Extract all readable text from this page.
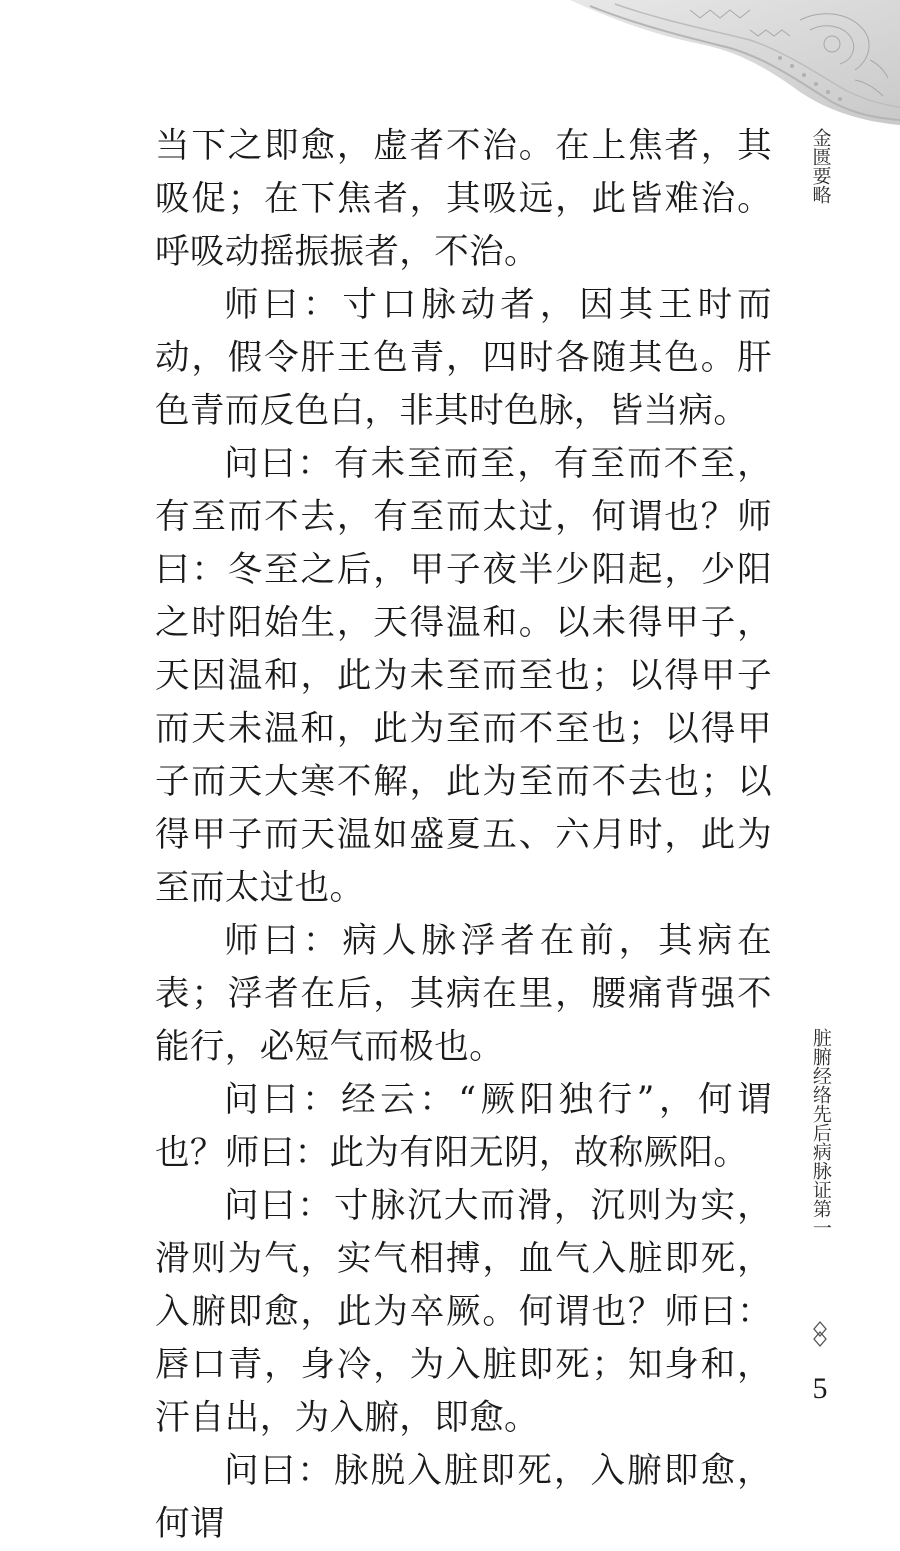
金匮要略
脏腑经络先后病脉证第一
5

当下之即愈，虚者不治。在上焦者，其吸促；在下焦者，其吸远，此皆难治。呼吸动摇振振者，不治。

师曰：寸口脉动者，因其王时而动，假令肝王色青，四时各随其色。肝色青而反色白，非其时色脉，皆当病。

问曰：有未至而至，有至而不至，有至而不去，有至而太过，何谓也？师曰：冬至之后，甲子夜半少阳起，少阳之时阳始生，天得温和。以未得甲子，天因温和，此为未至而至也；以得甲子而天未温和，此为至而不至也；以得甲子而天大寒不解，此为至而不去也；以得甲子而天温如盛夏五、六月时，此为至而太过也。

师曰：病人脉浮者在前，其病在表；浮者在后，其病在里，腰痛背强不能行，必短气而极也。

问曰：经云：“厥阳独行”，何谓也？师曰：此为有阳无阴，故称厥阳。

问曰：寸脉沉大而滑，沉则为实，滑则为气，实气相搏，血气入脏即死，入腑即愈，此为卒厥。何谓也？师曰：唇口青，身冷，为入脏即死；知身和，汗自出，为入腑，即愈。

问曰：脉脱入脏即死，入腑即愈，何谓
